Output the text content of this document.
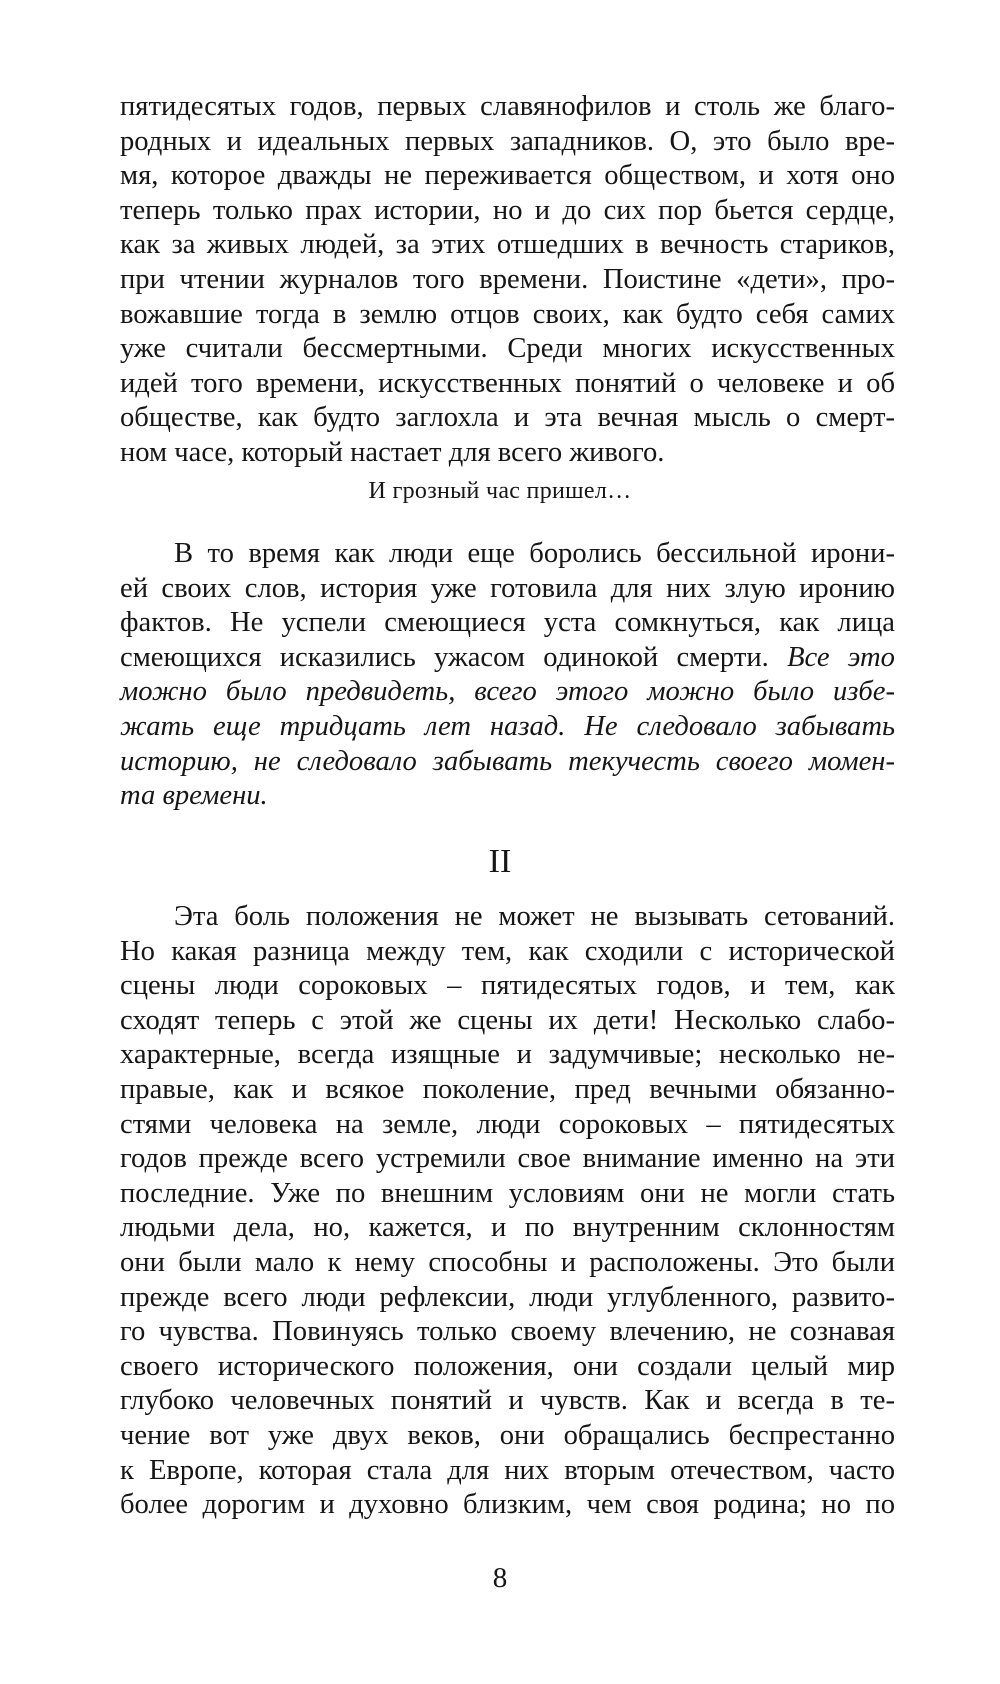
пятидесятых годов, первых славянофилов и столь же благо-
родных и идеальных первых западников. О, это было вре-
мя, которое дважды не переживается обществом, и хотя оно
теперь только прах истории, но и до сих пор бьется сердце,
как за живых людей, за этих отшедших в вечность стариков,
при чтении журналов того времени. Поистине «дети», про-
вожавшие тогда в землю отцов своих, как будто себя самих
уже считали бессмертными. Среди многих искусственных
идей того времени, искусственных понятий о человеке и об
обществе, как будто заглохла и эта вечная мысль о смерт-
ном часе, который настает для всего живого.
И грозный час пришел…
В то время как люди еще боролись бессильной ирони-
ей своих слов, история уже готовила для них злую иронию
фактов. Не успели смеющиеся уста сомкнуться, как лица
смеющихся исказились ужасом одинокой смерти. Все это
можно было предвидеть, всего этого можно было избе-
жать еще тридцать лет назад. Не следовало забывать
историю, не следовало забывать текучесть своего момен-
та времени.
II
Эта боль положения не может не вызывать сетований.
Но какая разница между тем, как сходили с исторической
сцены люди сороковых – пятидесятых годов, и тем, как
сходят теперь с этой же сцены их дети! Несколько слабо-
характерные, всегда изящные и задумчивые; несколько не-
правые, как и всякое поколение, пред вечными обязанно-
стями человека на земле, люди сороковых – пятидесятых
годов прежде всего устремили свое внимание именно на эти
последние. Уже по внешним условиям они не могли стать
людьми дела, но, кажется, и по внутренним склонностям
они были мало к нему способны и расположены. Это были
прежде всего люди рефлексии, люди углубленного, развито-
го чувства. Повинуясь только своему влечению, не сознавая
своего исторического положения, они создали целый мир
глубоко человечных понятий и чувств. Как и всегда в те-
чение вот уже двух веков, они обращались беспрестанно
к Европе, которая стала для них вторым отечеством, часто
более дорогим и духовно близким, чем своя родина; но по
8
